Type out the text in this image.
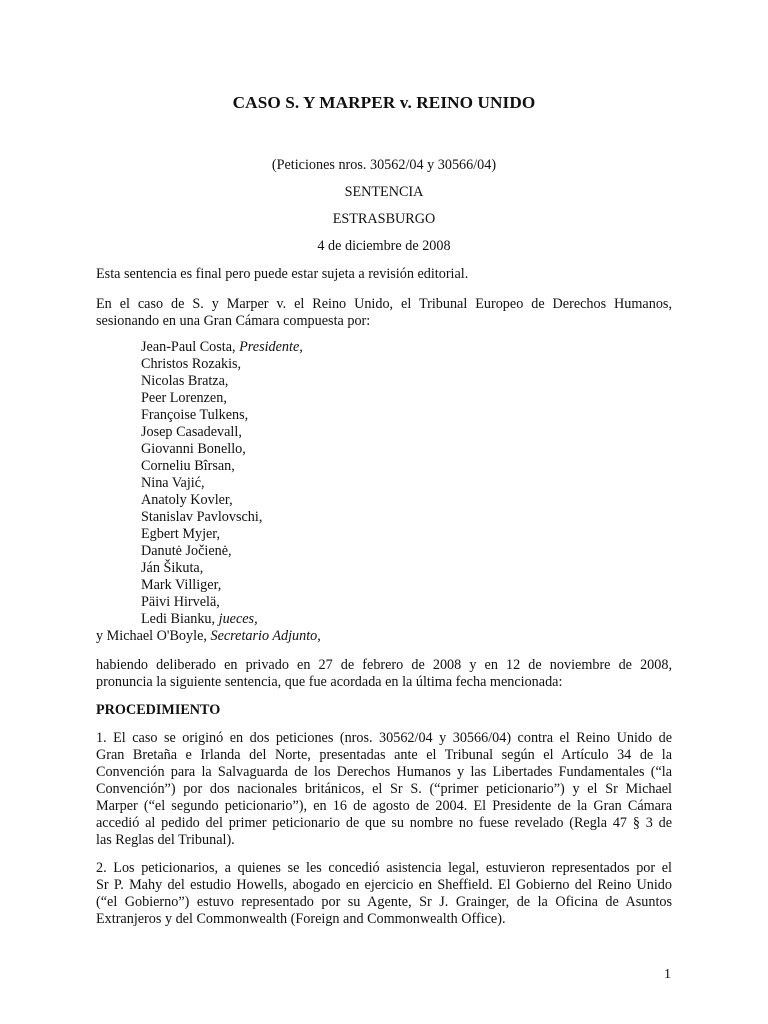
CASO S. Y MARPER v. REINO UNIDO
(Peticiones nros. 30562/04 y 30566/04)
SENTENCIA
ESTRASBURGO
4 de diciembre de 2008
Esta sentencia es final pero puede estar sujeta a revisión editorial.
En el caso de S. y Marper v. el Reino Unido, el Tribunal Europeo de Derechos Humanos,
sesionando en una Gran Cámara compuesta por:
Jean-Paul Costa, Presidente,
Christos Rozakis,
Nicolas Bratza,
Peer Lorenzen,
Françoise Tulkens,
Josep Casadevall,
Giovanni Bonello,
Corneliu Bîrsan,
Nina Vajić,
Anatoly Kovler,
Stanislav Pavlovschi,
Egbert Myjer,
Danutė Jočienė,
Ján Šikuta,
Mark Villiger,
Päivi Hirvelä,
Ledi Bianku, jueces,
y Michael O'Boyle, Secretario Adjunto,
habiendo deliberado en privado en 27 de febrero de 2008 y en 12 de noviembre de 2008,
pronuncia la siguiente sentencia, que fue acordada en la última fecha mencionada:
PROCEDIMIENTO
1. El caso se originó en dos peticiones (nros. 30562/04 y 30566/04) contra el Reino Unido de
Gran Bretaña e Irlanda del Norte, presentadas ante el Tribunal según el Artículo 34 de la
Convención para la Salvaguarda de los Derechos Humanos y las Libertades Fundamentales (“la
Convención”) por dos nacionales británicos, el Sr S. (“primer peticionario”) y el Sr Michael
Marper (“el segundo peticionario”), en 16 de agosto de 2004. El Presidente de la Gran Cámara
accedió al pedido del primer peticionario de que su nombre no fuese revelado (Regla 47 § 3 de
las Reglas del Tribunal).
2. Los peticionarios, a quienes se les concedió asistencia legal, estuvieron representados por el
Sr P. Mahy del estudio Howells, abogado en ejercicio en Sheffield. El Gobierno del Reino Unido
(“el Gobierno”) estuvo representado por su Agente, Sr J. Grainger, de la Oficina de Asuntos
Extranjeros y del Commonwealth (Foreign and Commonwealth Office).
1
